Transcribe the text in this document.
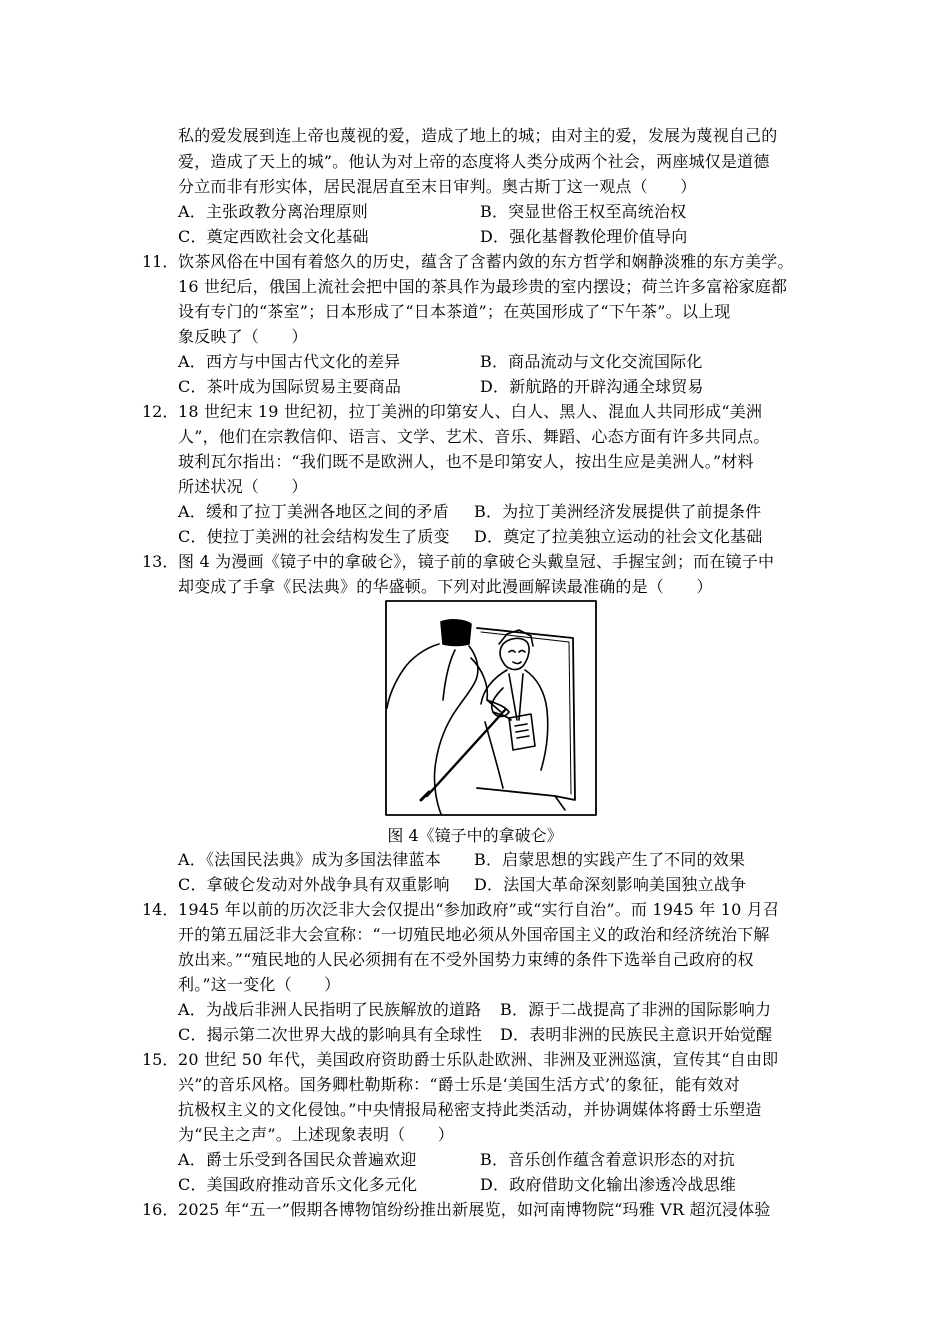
私的爱发展到连上帝也蔑视的爱，造成了地上的城；由对主的爱，发展为蔑视自己的
爱，造成了天上的城”。他认为对上帝的态度将人类分成两个社会，两座城仅是道德
分立而非有形实体，居民混居直至末日审判。奥古斯丁这一观点（　　）
A．主张政教分离治理原则	B．突显世俗王权至高统治权
C．奠定西欧社会文化基础	D．强化基督教伦理价值导向
11． 饮茶风俗在中国有着悠久的历史，蕴含了含蓄内敛的东方哲学和娴静淡雅的东方美学。
16 世纪后，俄国上流社会把中国的茶具作为最珍贵的室内摆设；荷兰许多富裕家庭都
设有专门的“茶室”；日本形成了“日本茶道”；在英国形成了“下午茶”。以上现
象反映了（　　）
A．西方与中国古代文化的差异	B．商品流动与文化交流国际化
C．茶叶成为国际贸易主要商品	D．新航路的开辟沟通全球贸易
12． 18 世纪末 19 世纪初，拉丁美洲的印第安人、白人、黑人、混血人共同形成“美洲
人”，他们在宗教信仰、语言、文学、艺术、音乐、舞蹈、心态方面有许多共同点。
玻利瓦尔指出：“我们既不是欧洲人，也不是印第安人，按出生应是美洲人。”材料
所述状况（　　）
A．缓和了拉丁美洲各地区之间的矛盾 B．为拉丁美洲经济发展提供了前提条件
C．使拉丁美洲的社会结构发生了质变 D．奠定了拉美独立运动的社会文化基础
13． 图 4 为漫画《镜子中的拿破仑》，镜子前的拿破仑头戴皇冠、手握宝剑；而在镜子中
却变成了手拿《民法典》的华盛顿。下列对此漫画解读最准确的是（　　）
图 4《镜子中的拿破仑》
A．《法国民法典》成为多国法律蓝本 B．启蒙思想的实践产生了不同的效果
C．拿破仑发动对外战争具有双重影响 D．法国大革命深刻影响美国独立战争
14． 1945 年以前的历次泛非大会仅提出“参加政府”或“实行自治”。而 1945 年 10 月召
开的第五届泛非大会宣称：“一切殖民地必须从外国帝国主义的政治和经济统治下解
放出来。”“殖民地的人民必须拥有在不受外国势力束缚的条件下选举自己政府的权
利。”这一变化（　　）
A．为战后非洲人民指明了民族解放的道路 B．源于二战提高了非洲的国际影响力
C．揭示第二次世界大战的影响具有全球性 D．表明非洲的民族民主意识开始觉醒
15． 20 世纪 50 年代，美国政府资助爵士乐队赴欧洲、非洲及亚洲巡演，宣传其“自由即
兴”的音乐风格。国务卿杜勒斯称：“爵士乐是‘美国生活方式’的象征，能有效对
抗极权主义的文化侵蚀。”中央情报局秘密支持此类活动，并协调媒体将爵士乐塑造
为“民主之声”。上述现象表明（　　）
A．爵士乐受到各国民众普遍欢迎	B．音乐创作蕴含着意识形态的对抗
C．美国政府推动音乐文化多元化	D．政府借助文化输出渗透冷战思维
16． 2025 年“五一”假期各博物馆纷纷推出新展览，如河南博物院“玛雅 VR 超沉浸体验
